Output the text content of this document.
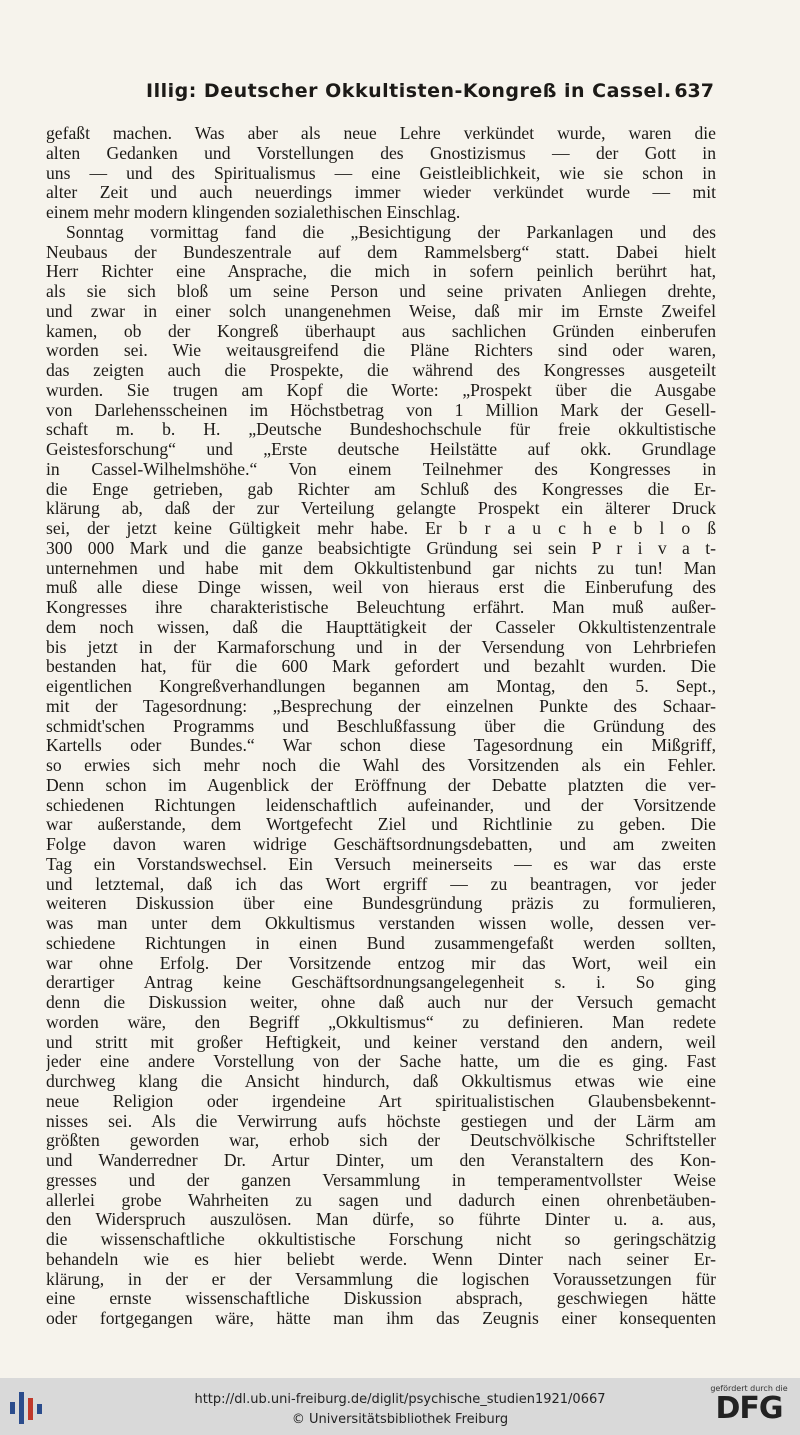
Illig: Deutscher Okkultisten-Kongreß in Cassel. 637
gefaßt machen. Was aber als neue Lehre verkündet wurde, waren die
alten Gedanken und Vorstellungen des Gnostizismus — der Gott in
uns — und des Spiritualismus — eine Geistleiblichkeit, wie sie schon in
alter Zeit und auch neuerdings immer wieder verkündet wurde — mit
einem mehr modern klingenden sozialethischen Einschlag.
Sonntag vormittag fand die „Besichtigung der Parkanlagen und des
Neubaus der Bundeszentrale auf dem Rammelsberg“ statt. Dabei hielt
Herr Richter eine Ansprache, die mich in sofern peinlich berührt hat,
als sie sich bloß um seine Person und seine privaten Anliegen drehte,
und zwar in einer solch unangenehmen Weise, daß mir im Ernste Zweifel
kamen, ob der Kongreß überhaupt aus sachlichen Gründen einberufen
worden sei. Wie weitausgreifend die Pläne Richters sind oder waren,
das zeigten auch die Prospekte, die während des Kongresses ausgeteilt
wurden. Sie trugen am Kopf die Worte: „Prospekt über die Ausgabe
von Darlehensscheinen im Höchstbetrag von 1 Million Mark der Gesell-
schaft m. b. H. „Deutsche Bundeshochschule für freie okkultistische
Geistesforschung“ und „Erste deutsche Heilstätte auf okk. Grundlage
in Cassel-Wilhelmshöhe.“ Von einem Teilnehmer des Kongresses in
die Enge getrieben, gab Richter am Schluß des Kongresses die Er-
klärung ab, daß der zur Verteilung gelangte Prospekt ein älterer Druck
sei, der jetzt keine Gültigkeit mehr habe. Er b r a u c h e b l o ß
300 000 Mark und die ganze beabsichtigte Gründung sei sein P r i v a t-
unternehmen und habe mit dem Okkultistenbund gar nichts zu tun! Man
muß alle diese Dinge wissen, weil von hieraus erst die Einberufung des
Kongresses ihre charakteristische Beleuchtung erfährt. Man muß außer-
dem noch wissen, daß die Haupttätigkeit der Casseler Okkultistenzentrale
bis jetzt in der Karmaforschung und in der Versendung von Lehrbriefen
bestanden hat, für die 600 Mark gefordert und bezahlt wurden. Die
eigentlichen Kongreßverhandlungen begannen am Montag, den 5. Sept.,
mit der Tagesordnung: „Besprechung der einzelnen Punkte des Schaar-
schmidt'schen Programms und Beschlußfassung über die Gründung des
Kartells oder Bundes.“ War schon diese Tagesordnung ein Mißgriff,
so erwies sich mehr noch die Wahl des Vorsitzenden als ein Fehler.
Denn schon im Augenblick der Eröffnung der Debatte platzten die ver-
schiedenen Richtungen leidenschaftlich aufeinander, und der Vorsitzende
war außerstande, dem Wortgefecht Ziel und Richtlinie zu geben. Die
Folge davon waren widrige Geschäftsordnungsdebatten, und am zweiten
Tag ein Vorstandswechsel. Ein Versuch meinerseits — es war das erste
und letztemal, daß ich das Wort ergriff — zu beantragen, vor jeder
weiteren Diskussion über eine Bundesgründung präzis zu formulieren,
was man unter dem Okkultismus verstanden wissen wolle, dessen ver-
schiedene Richtungen in einen Bund zusammengefaßt werden sollten,
war ohne Erfolg. Der Vorsitzende entzog mir das Wort, weil ein
derartiger Antrag keine Geschäftsordnungsangelegenheit s. i. So ging
denn die Diskussion weiter, ohne daß auch nur der Versuch gemacht
worden wäre, den Begriff „Okkultismus“ zu definieren. Man redete
und stritt mit großer Heftigkeit, und keiner verstand den andern, weil
jeder eine andere Vorstellung von der Sache hatte, um die es ging. Fast
durchweg klang die Ansicht hindurch, daß Okkultismus etwas wie eine
neue Religion oder irgendeine Art spiritualistischen Glaubensbekennt-
nisses sei. Als die Verwirrung aufs höchste gestiegen und der Lärm am
größten geworden war, erhob sich der Deutschvölkische Schriftsteller
und Wanderredner Dr. Artur Dinter, um den Veranstaltern des Kon-
gresses und der ganzen Versammlung in temperamentvollster Weise
allerlei grobe Wahrheiten zu sagen und dadurch einen ohrenbetäuben-
den Widerspruch auszulösen. Man dürfe, so führte Dinter u. a. aus,
die wissenschaftliche okkultistische Forschung nicht so geringschätzig
behandeln wie es hier beliebt werde. Wenn Dinter nach seiner Er-
klärung, in der er der Versammlung die logischen Voraussetzungen für
eine ernste wissenschaftliche Diskussion absprach, geschwiegen hätte
oder fortgegangen wäre, hätte man ihm das Zeugnis einer konsequenten
http://dl.ub.uni-freiburg.de/diglit/psychische_studien1921/0667
© Universitätsbibliothek Freiburg
gefördert durch die
DFG
